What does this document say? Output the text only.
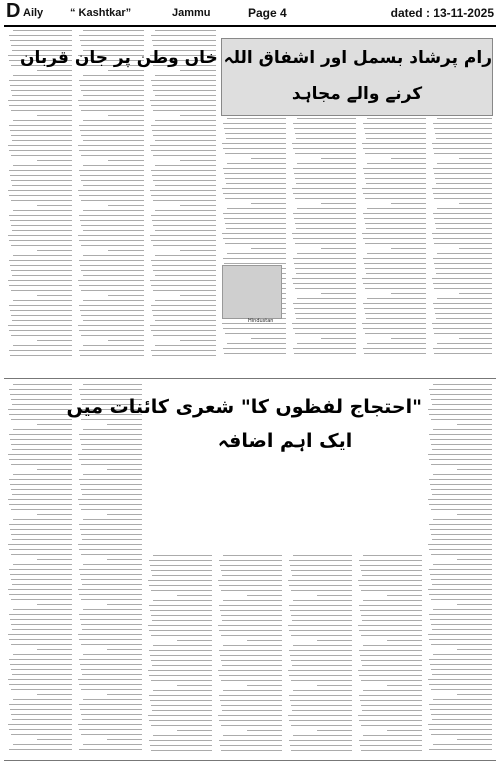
D Aily “ Kashtkar”	Jammu	Page 4	dated : 13-11-2025
Hindustan
رام پرشاد بسمل اور اشفاق اللہ خاں وطن پر جان قربان
کرنے والے مجاہد
"احتجاج لفظوں کا" شعری کائنات میں
ایک اہم اضافہ
